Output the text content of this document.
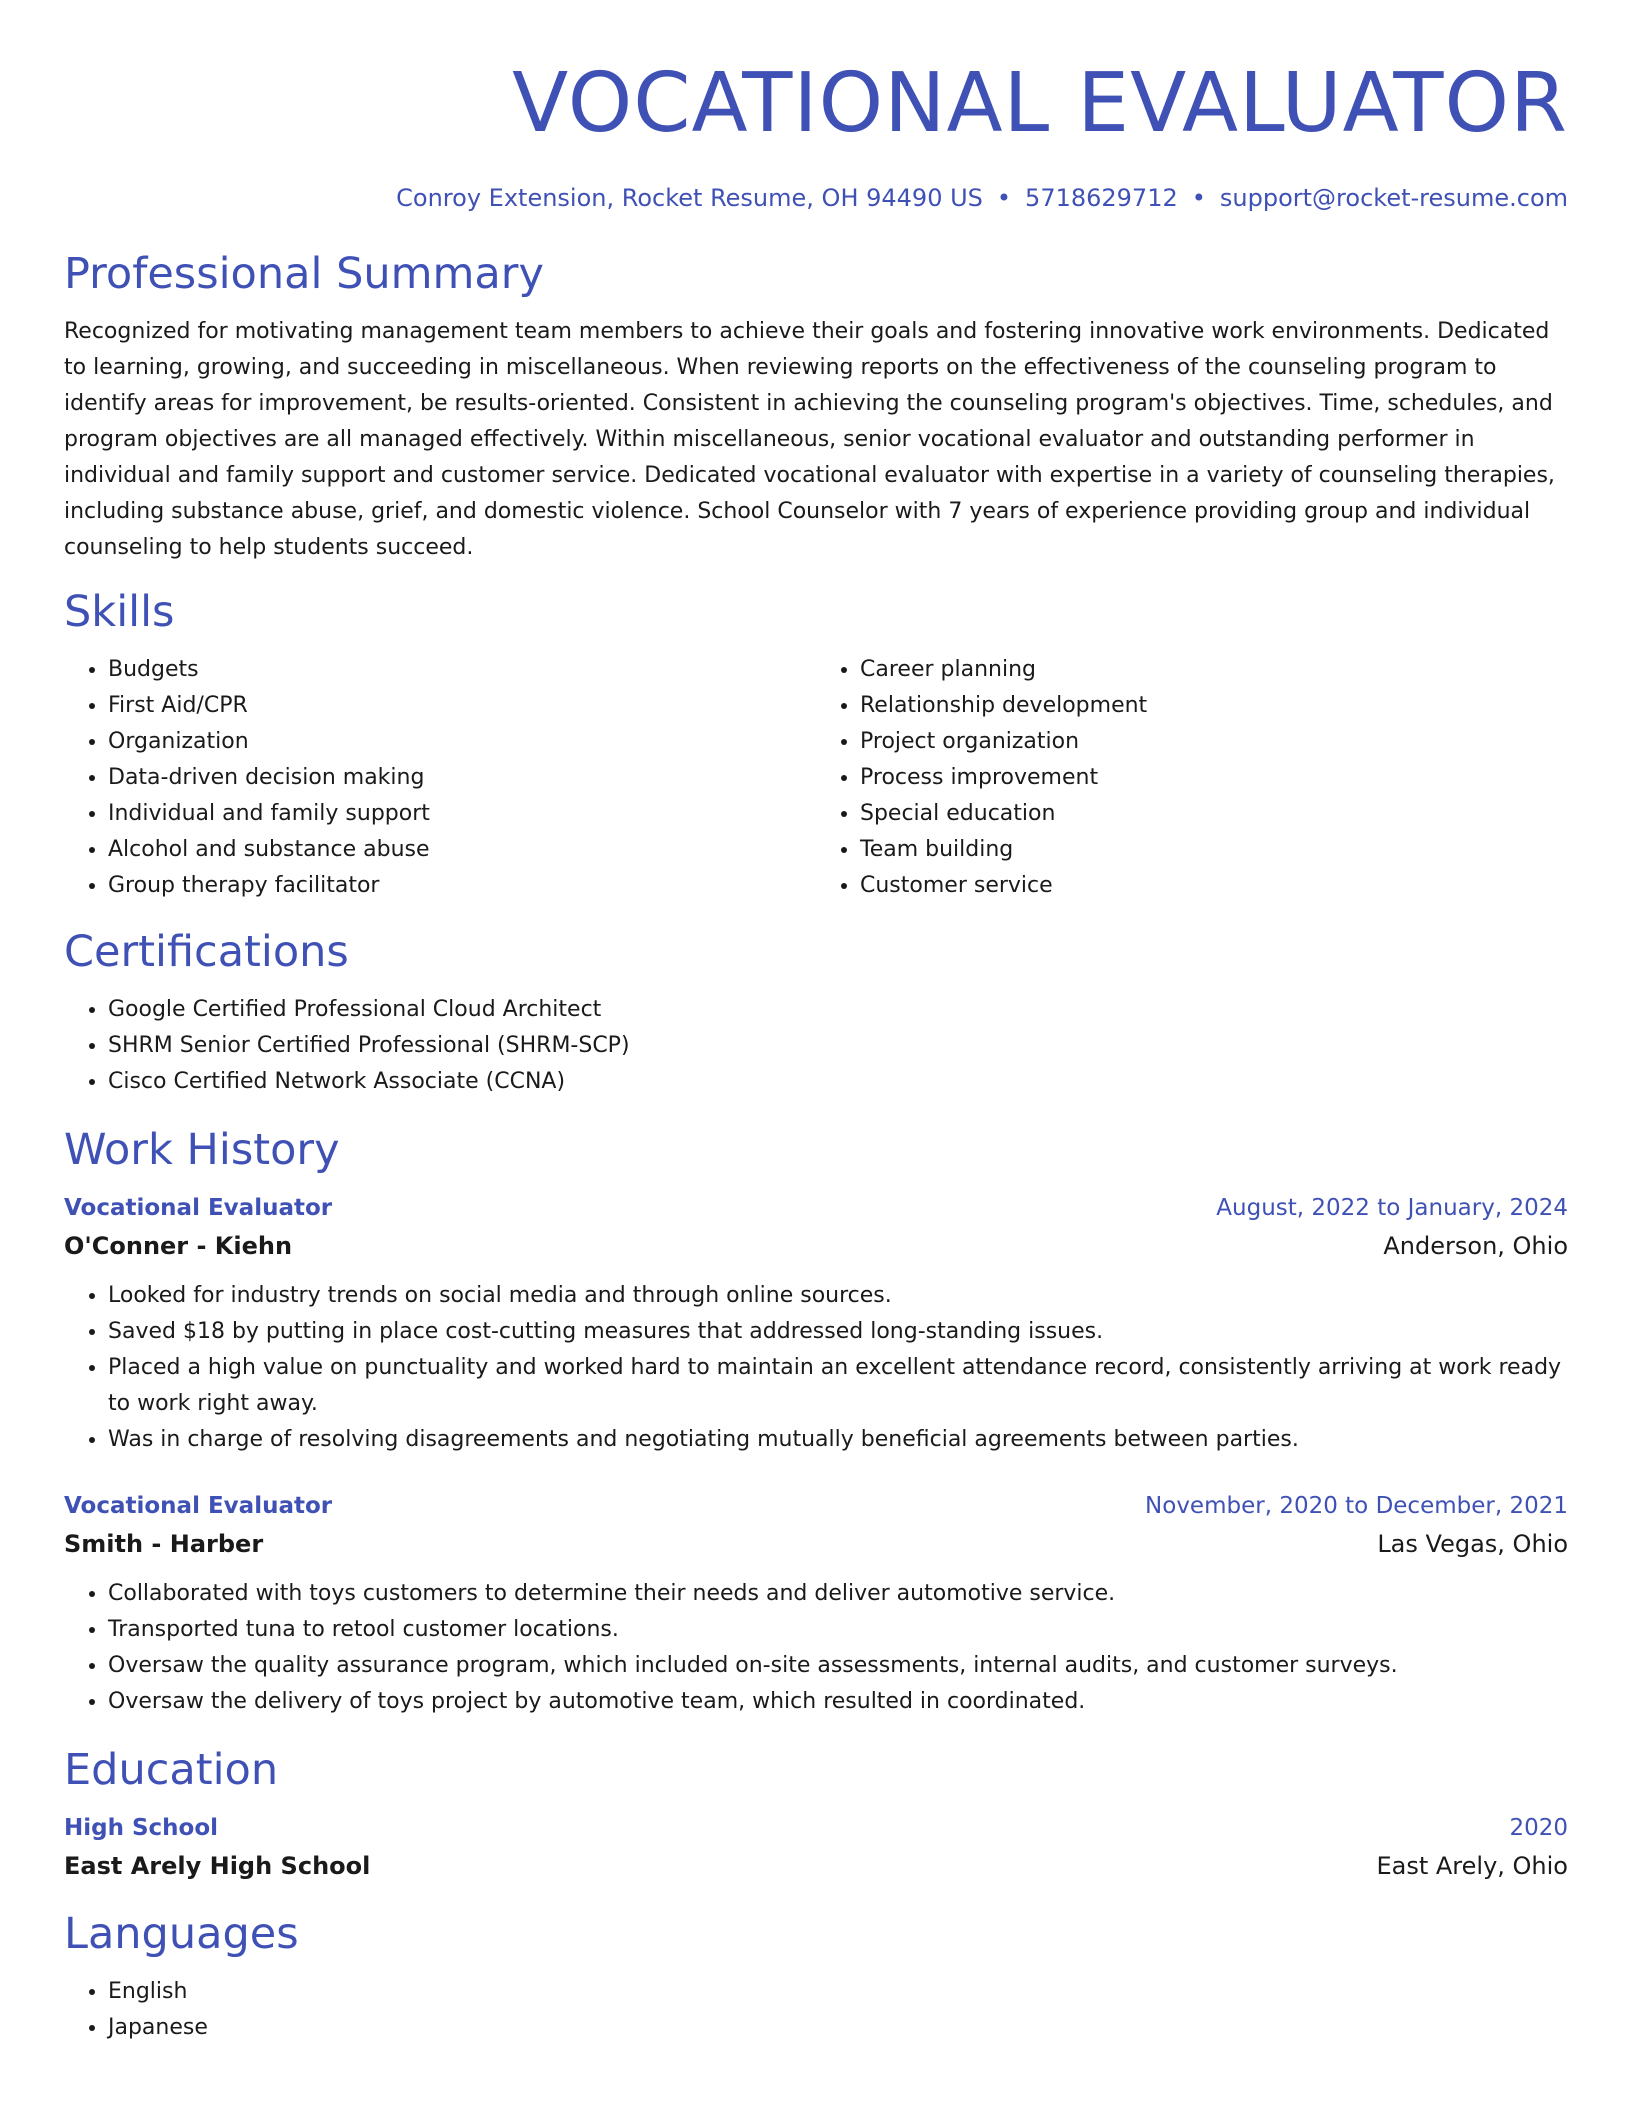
VOCATIONAL EVALUATOR
Conroy Extension, Rocket Resume, OH 94490 US • 5718629712 • support@rocket-resume.com
Professional Summary

Recognized for motivating management team members to achieve their goals and fostering innovative work environments. Dedicated to learning, growing, and succeeding in miscellaneous. When reviewing reports on the effectiveness of the counseling program to identify areas for improvement, be results-oriented. Consistent in achieving the counseling program's objectives. Time, schedules, and program objectives are all managed effectively. Within miscellaneous, senior vocational evaluator and outstanding performer in individual and family support and customer service. Dedicated vocational evaluator with expertise in a variety of counseling therapies, including substance abuse, grief, and domestic violence. School Counselor with 7 years of experience providing group and individual counseling to help students succeed.

Skills
• Budgets
• First Aid/CPR
• Organization
• Data-driven decision making
• Individual and family support
• Alcohol and substance abuse
• Group therapy facilitator
• Career planning
• Relationship development
• Project organization
• Process improvement
• Special education
• Team building
• Customer service
Certifications
• Google Certified Professional Cloud Architect
• SHRM Senior Certified Professional (SHRM-SCP)
• Cisco Certified Network Associate (CCNA)
Work History
Vocational Evaluator	August, 2022 to January, 2024
O'Conner - Kiehn	Anderson, Ohio
• Looked for industry trends on social media and through online sources.
• Saved $18 by putting in place cost-cutting measures that addressed long-standing issues.
• Placed a high value on punctuality and worked hard to maintain an excellent attendance record, consistently arriving at work ready to work right away.
• Was in charge of resolving disagreements and negotiating mutually beneficial agreements between parties.
Vocational Evaluator	November, 2020 to December, 2021
Smith - Harber	Las Vegas, Ohio
• Collaborated with toys customers to determine their needs and deliver automotive service.
• Transported tuna to retool customer locations.
• Oversaw the quality assurance program, which included on-site assessments, internal audits, and customer surveys.
• Oversaw the delivery of toys project by automotive team, which resulted in coordinated.
Education
High School	2020
East Arely High School	East Arely, Ohio
Languages
• English
• Japanese
